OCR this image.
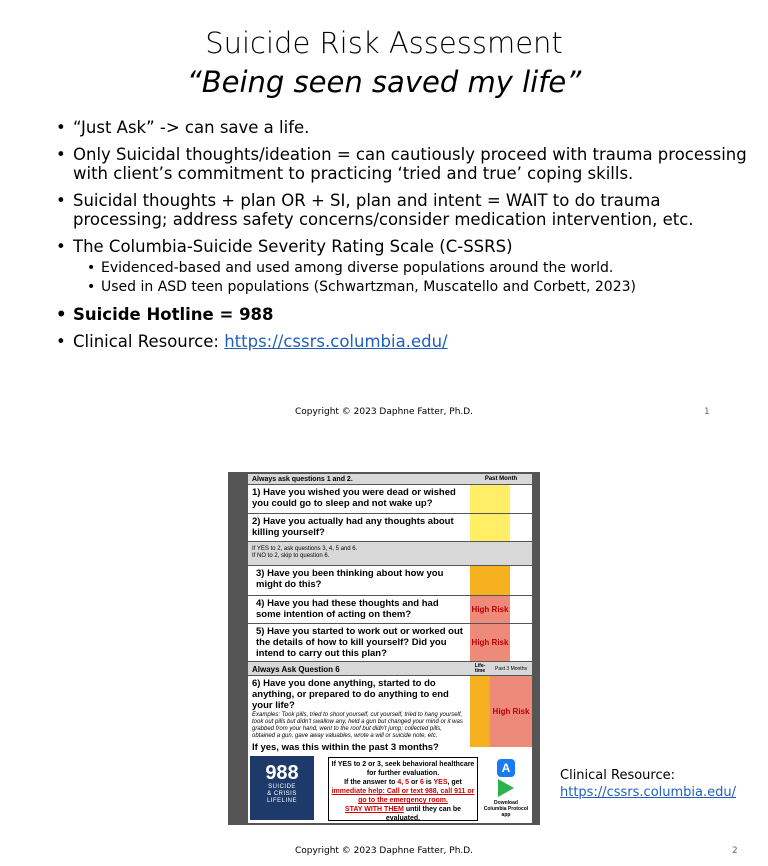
Suicide Risk Assessment
“Being seen saved my life”
• “Just Ask” -> can save a life.
• Only Suicidal thoughts/ideation = can cautiously proceed with trauma processing with client’s commitment to practicing ‘tried and true’ coping skills.
• Suicidal thoughts + plan OR + SI, plan and intent = WAIT to do trauma processing; address safety concerns/consider medication intervention, etc.
• The Columbia-Suicide Severity Rating Scale (C-SSRS)
• Evidenced-based and used among diverse populations around the world.
• Used in ASD teen populations (Schwartzman, Muscatello and Corbett, 2023)
• Suicide Hotline = 988
• Clinical Resource: https://cssrs.columbia.edu/
Copyright © 2023 Daphne Fatter, Ph.D.	1
Always ask questions 1 and 2.	Past Month
1) Have you wished you were dead or wished you could go to sleep and not wake up?
2) Have you actually had any thoughts about killing yourself?
If YES to 2, ask questions 3, 4, 5 and 6.
If NO to 2, skip to question 6.
3) Have you been thinking about how you might do this?
4) Have you had these thoughts and had some intention of acting on them?	High Risk
5) Have you started to work out or worked out the details of how to kill yourself? Did you intend to carry out this plan?
High Risk
Always Ask Question 6	Life-time	Past 3 Months
6) Have you done anything, started to do anything, or prepared to do anything to end your life?
Examples: Took pills, tried to shoot yourself, cut yourself, tried to hang yourself, took out pills but didn't swallow any, held a gun but changed your mind or it was grabbed from your hand, went to the roof but didn't jump; collected pills, obtained a gun, gave away valuables, wrote a will or suicide note, etc.
If yes, was this within the past 3 months?
High Risk
988
SUICIDE
& CRISIS
LIFELINE
If YES to 2 or 3, seek behavioral healthcare for further evaluation.
If the answer to 4, 5 or 6 is YES, get
immediate help: Call or text 988, call 911 or go to the emergency room.
STAY WITH THEM until they can be evaluated.
A
Download Columbia Protocol app
Clinical Resource:
https://cssrs.columbia.edu/
Copyright © 2023 Daphne Fatter, Ph.D.	2
